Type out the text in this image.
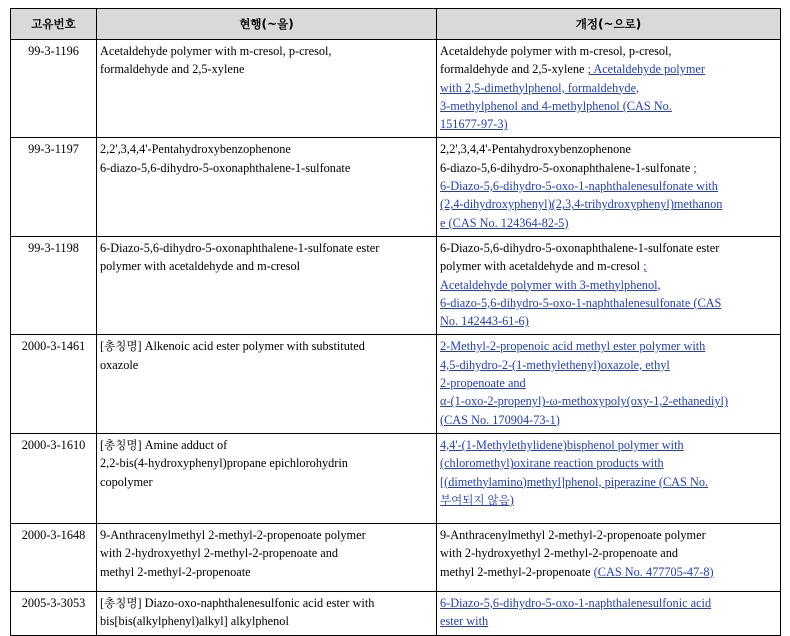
고유번호	현행(~을)	개정(~으로)
99-3-1196	Acetaldehyde polymer with m-cresol, p-cresol,
formaldehyde and 2,5-xylene	Acetaldehyde polymer with m-cresol, p-cresol,
formaldehyde and 2,5-xylene ; Acetaldehyde polymer
with 2,5-dimethylphenol, formaldehyde,
3-methylphenol and 4-methylphenol (CAS No.
151677-97-3)

99-3-1197	2,2',3,4,4'-Pentahydroxybenzophenone
6-diazo-5,6-dihydro-5-oxonaphthalene-1-sulfonate	2,2',3,4,4'-Pentahydroxybenzophenone
6-diazo-5,6-dihydro-5-oxonaphthalene-1-sulfonate ;
6-Diazo-5,6-dihydro-5-oxo-1-naphthalenesulfonate with
(2,4-dihydroxyphenyl)(2,3,4-trihydroxyphenyl)methanon
e (CAS No. 124364-82-5)

99-3-1198	6-Diazo-5,6-dihydro-5-oxonaphthalene-1-sulfonate ester
polymer with acetaldehyde and m-cresol	6-Diazo-5,6-dihydro-5-oxonaphthalene-1-sulfonate ester
polymer with acetaldehyde and m-cresol ;
Acetaldehyde polymer with 3-methylphenol,
6-diazo-5,6-dihydro-5-oxo-1-naphthalenesulfonate (CAS
No. 142443-61-6)

2000-3-1461	[총칭명] Alkenoic acid ester polymer with substituted
oxazole	2-Methyl-2-propenoic acid methyl ester polymer with
4,5-dihydro-2-(1-methylethenyl)oxazole, ethyl
2-propenoate and
α-(1-oxo-2-propenyl)-ω-methoxypoly(oxy-1,2-ethanediyl)
(CAS No. 170904-73-1)

2000-3-1610	[총칭명] Amine adduct of
2,2-bis(4-hydroxyphenyl)propane epichlorohydrin
copolymer	4,4'-(1-Methylethylidene)bisphenol polymer with
(chloromethyl)oxirane reaction products with
[(dimethylamino)methyl]phenol, piperazine (CAS No.
부여되지 않음)

2000-3-1648	9-Anthracenylmethyl 2-methyl-2-propenoate polymer
with 2-hydroxyethyl 2-methyl-2-propenoate and
methyl 2-methyl-2-propenoate	9-Anthracenylmethyl 2-methyl-2-propenoate polymer
with 2-hydroxyethyl 2-methyl-2-propenoate and
methyl 2-methyl-2-propenoate (CAS No. 477705-47-8)

2005-3-3053	[총칭명] Diazo-oxo-naphthalenesulfonic acid ester with
bis[bis(alkylphenyl)alkyl] alkylphenol	6-Diazo-5,6-dihydro-5-oxo-1-naphthalenesulfonic acid
ester with
